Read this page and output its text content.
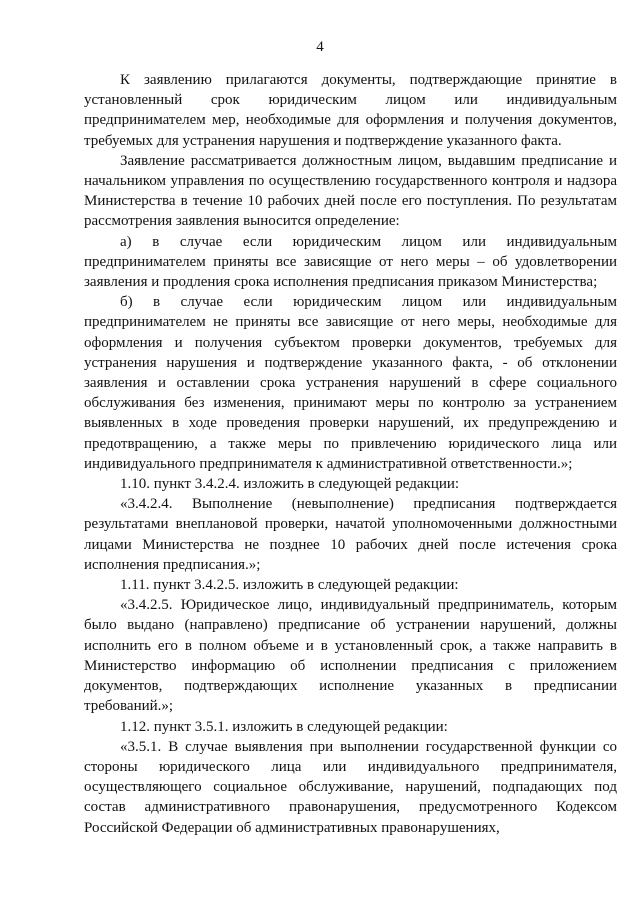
4

К заявлению прилагаются документы, подтверждающие принятие в установленный срок юридическим лицом или индивидуальным предпринимателем мер, необходимые для оформления и получения документов, требуемых для устранения нарушения и подтверждение указанного факта.

Заявление рассматривается должностным лицом, выдавшим предписание и начальником управления по осуществлению государственного контроля и надзора Министерства в течение 10 рабочих дней после его поступления. По результатам рассмотрения заявления выносится определение:

а) в случае если юридическим лицом или индивидуальным предпринимателем приняты все зависящие от него меры – об удовлетворении заявления и продления срока исполнения предписания приказом Министерства;

б) в случае если юридическим лицом или индивидуальным предпринимателем не приняты все зависящие от него меры, необходимые для оформления и получения субъектом проверки документов, требуемых для устранения нарушения и подтверждение указанного факта, - об отклонении заявления и оставлении срока устранения нарушений в сфере социального обслуживания без изменения, принимают меры по контролю за устранением выявленных в ходе проведения проверки нарушений, их предупреждению и предотвращению, а также меры по привлечению юридического лица или индивидуального предпринимателя к административной ответственности.»;

1.10. пункт 3.4.2.4. изложить в следующей редакции:

«3.4.2.4. Выполнение (невыполнение) предписания подтверждается результатами внеплановой проверки, начатой уполномоченными должностными лицами Министерства не позднее 10 рабочих дней после истечения срока исполнения предписания.»;

1.11. пункт 3.4.2.5. изложить в следующей редакции:

«3.4.2.5. Юридическое лицо, индивидуальный предприниматель, которым было выдано (направлено) предписание об устранении нарушений, должны исполнить его в полном объеме и в установленный срок, а также направить в Министерство информацию об исполнении предписания с приложением документов, подтверждающих исполнение указанных в предписании требований.»;

1.12. пункт 3.5.1. изложить в следующей редакции:

«3.5.1. В случае выявления при выполнении государственной функции со стороны юридического лица или индивидуального предпринимателя, осуществляющего социальное обслуживание, нарушений, подпадающих под состав административного правонарушения, предусмотренного Кодексом Российской Федерации об административных правонарушениях,
